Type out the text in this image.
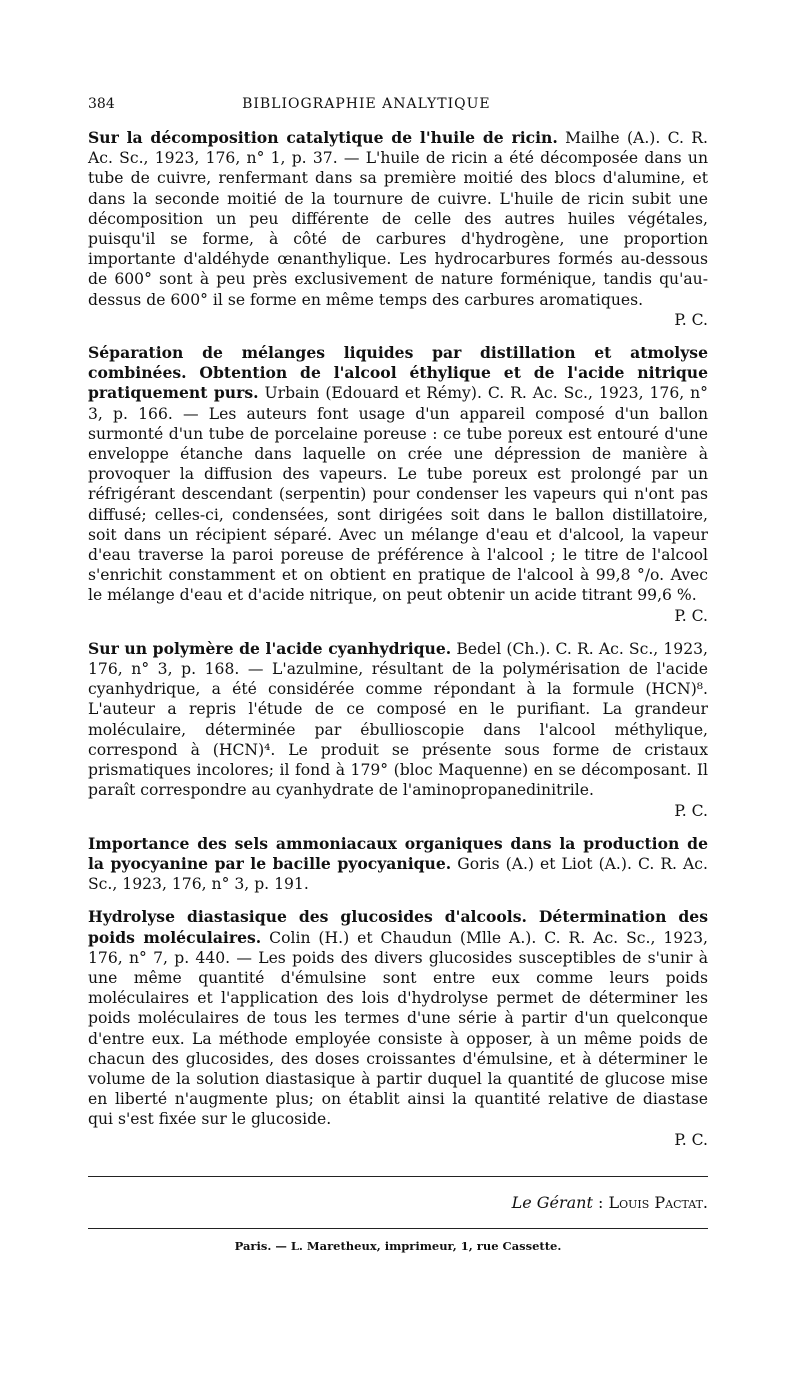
384	BIBLIOGRAPHIE ANALYTIQUE
Sur la décomposition catalytique de l'huile de ricin. Mailhe (A.). C. R. Ac. Sc., 1923, 176, n° 1, p. 37. — L'huile de ricin a été décomposée dans un tube de cuivre, renfermant dans sa première moitié des blocs d'alumine, et dans la seconde moitié de la tournure de cuivre. L'huile de ricin subit une décomposition un peu différente de celle des autres huiles végétales, puisqu'il se forme, à côté de carbures d'hydrogène, une proportion importante d'aldéhyde œnanthylique. Les hydrocarbures formés au-dessous de 600° sont à peu près exclusivement de nature forménique, tandis qu'au-dessus de 600° il se forme en même temps des carbures aromatiques.
P. C.
Séparation de mélanges liquides par distillation et atmolyse combinées. Obtention de l'alcool éthylique et de l'acide nitrique pratiquement purs. Urbain (Edouard et Rémy). C. R. Ac. Sc., 1923, 176, n° 3, p. 166. — Les auteurs font usage d'un appareil composé d'un ballon surmonté d'un tube de porcelaine poreuse : ce tube poreux est entouré d'une enveloppe étanche dans laquelle on crée une dépression de manière à provoquer la diffusion des vapeurs. Le tube poreux est prolongé par un réfrigérant descendant (serpentin) pour condenser les vapeurs qui n'ont pas diffusé; celles-ci, condensées, sont dirigées soit dans le ballon distillatoire, soit dans un récipient séparé. Avec un mélange d'eau et d'alcool, la vapeur d'eau traverse la paroi poreuse de préférence à l'alcool ; le titre de l'alcool s'enrichit constamment et on obtient en pratique de l'alcool à 99,8 °/o. Avec le mélange d'eau et d'acide nitrique, on peut obtenir un acide titrant 99,6 %.
P. C.
Sur un polymère de l'acide cyanhydrique. Bedel (Ch.). C. R. Ac. Sc., 1923, 176, n° 3, p. 168. — L'azulmine, résultant de la polymérisation de l'acide cyanhydrique, a été considérée comme répondant à la formule (HCN)⁸. L'auteur a repris l'étude de ce composé en le purifiant. La grandeur moléculaire, déterminée par ébullioscopie dans l'alcool méthylique, correspond à (HCN)⁴. Le produit se présente sous forme de cristaux prismatiques incolores; il fond à 179° (bloc Maquenne) en se décomposant. Il paraît correspondre au cyanhydrate de l'aminopropanedinitrile.
P. C.
Importance des sels ammoniacaux organiques dans la production de la pyocyanine par le bacille pyocyanique. Goris (A.) et Liot (A.). C. R. Ac. Sc., 1923, 176, n° 3, p. 191.
Hydrolyse diastasique des glucosides d'alcools. Détermination des poids moléculaires. Colin (H.) et Chaudun (Mlle A.). C. R. Ac. Sc., 1923, 176, n° 7, p. 440. — Les poids des divers glucosides susceptibles de s'unir à une même quantité d'émulsine sont entre eux comme leurs poids moléculaires et l'application des lois d'hydrolyse permet de déterminer les poids moléculaires de tous les termes d'une série à partir d'un quelconque d'entre eux. La méthode employée consiste à opposer, à un même poids de chacun des glucosides, des doses croissantes d'émulsine, et à déterminer le volume de la solution diastasique à partir duquel la quantité de glucose mise en liberté n'augmente plus; on établit ainsi la quantité relative de diastase qui s'est fixée sur le glucoside.
P. C.
Le Gérant : Louis Pactat.
Paris. — L. Maretheux, imprimeur, 1, rue Cassette.
